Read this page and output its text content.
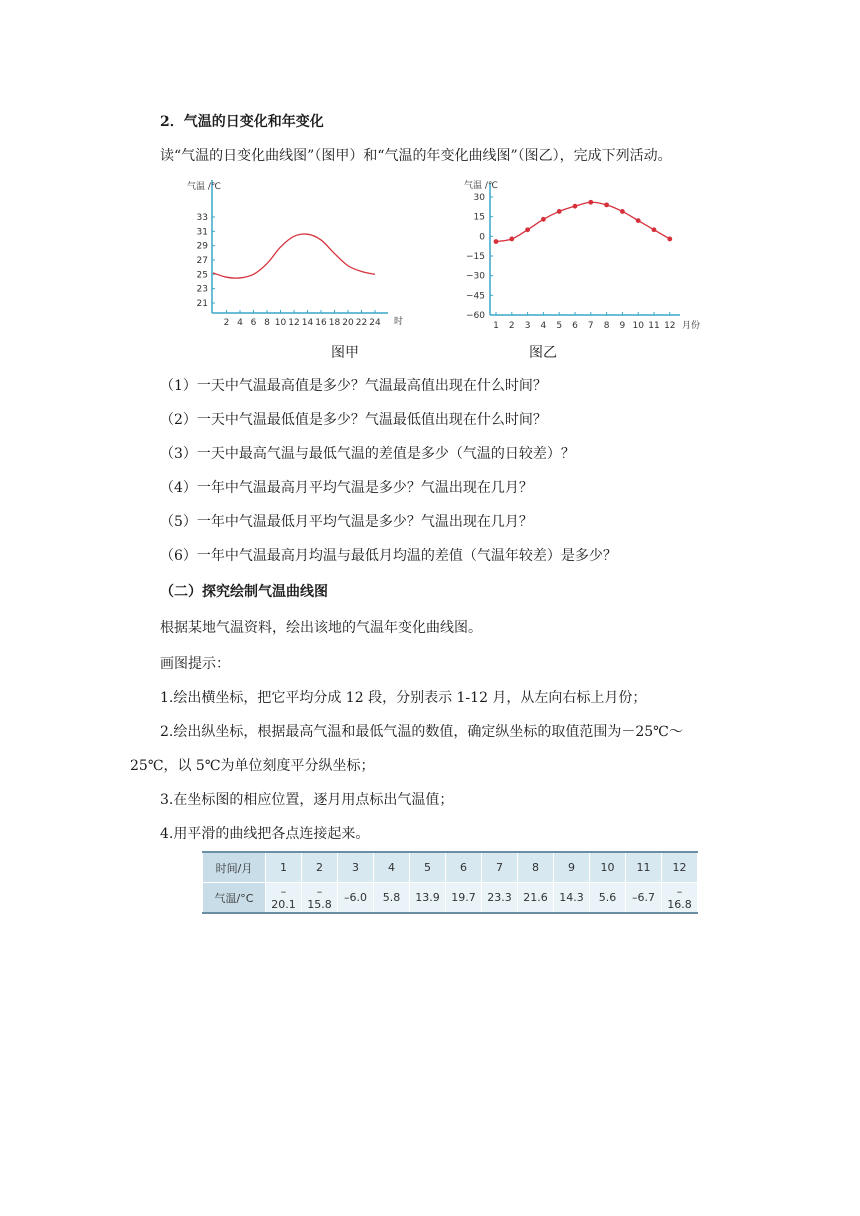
2．气温的日变化和年变化
读“气温的日变化曲线图”（图甲）和“气温的年变化曲线图”（图乙），完成下列活动。
气温 /℃
时
21
23
25
27
29
31
33
2 4 6 8 10 12 14 16 18 20 22 24
图甲
气温 /℃
月份
30
15
0
−15
−30
−45
−60
1 2 3 4 5 6 7 8 9 10 11 12
图乙
（1）一天中气温最高值是多少？气温最高值出现在什么时间？
（2）一天中气温最低值是多少？气温最低值出现在什么时间？
（3）一天中最高气温与最低气温的差值是多少（气温的日较差）？
（4）一年中气温最高月平均气温是多少？气温出现在几月？
（5）一年中气温最低月平均气温是多少？气温出现在几月？
（6）一年中气温最高月均温与最低月均温的差值（气温年较差）是多少？
（二）探究绘制气温曲线图
根据某地气温资料，绘出该地的气温年变化曲线图。
画图提示：
1.绘出横坐标，把它平均分成 12 段，分别表示 1-12 月，从左向右标上月份；
2.绘出纵坐标，根据最高气温和最低气温的数值，确定纵坐标的取值范围为－25℃～
25℃，以 5℃为单位刻度平分纵坐标；
3.在坐标图的相应位置，逐月用点标出气温值；
4.用平滑的曲线把各点连接起来。
时间/月	1	2	3	4	5	6	7	8	9	10	11	12
气温/°C	–20.1	–15.8	–6.0	5.8	13.9	19.7	23.3	21.6	14.3	5.6	–6.7	–16.8
